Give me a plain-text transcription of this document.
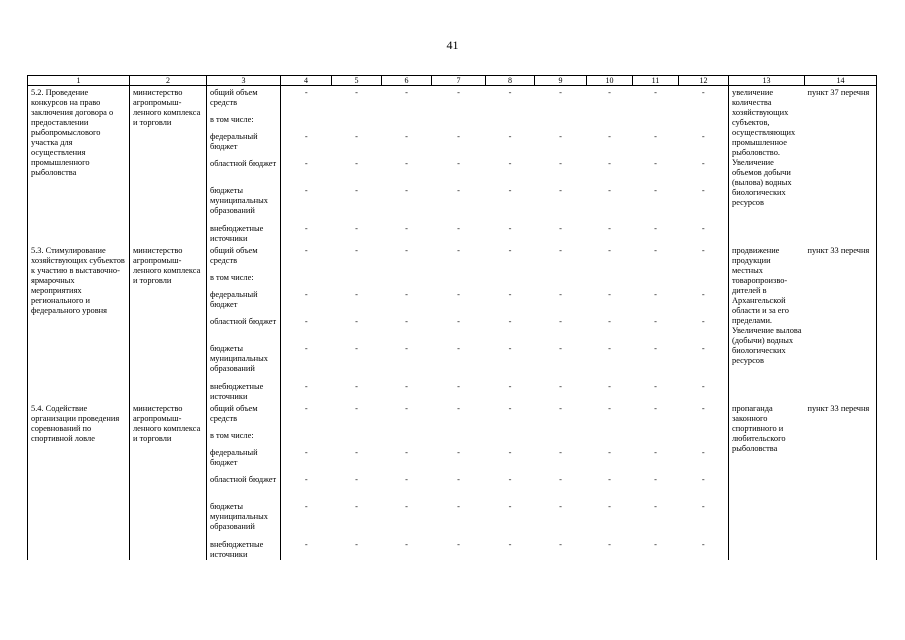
41
1	2	3	4	5	6	7	8	9	10	11	12	13	14
5.2. Проведение конкурсов на право заключения договора о предоставлении рыбопромыслового участка для осуществления промышленного рыболовства	министерство агропромыш-ленного комплекса и торговли	общий объем средств	-	-	-	-	-	-	-	-	-	увеличение количества хозяйствующих субъектов, осуществляющих промышленное рыболовство. Увеличение объемов добычи (вылова) водных биологических ресурсов	пункт 37 перечня
		в том числе:											
		федеральный бюджет	-	-	-	-	-	-	-	-	-		
		областной бюджет	-	-	-	-	-	-	-	-	-		
		бюджеты муниципальных образований	-	-	-	-	-	-	-	-	-		
		внебюджетные источники	-	-	-	-	-	-	-	-	-		
5.3. Стимулирование хозяйствующих субъектов к участию в выставочно-ярмарочных мероприятиях регионального и федерального уровня	министерство агропромыш-ленного комплекса и торговли	общий объем средств	-	-	-	-	-	-	-	-	-	продвижение продукции местных товаропроизво-дителей в Архангельской области и за его пределами. Увеличение вылова (добычи) водных биологических ресурсов	пункт 33 перечня
		в том числе:											
		федеральный бюджет	-	-	-	-	-	-	-	-	-		
		областной бюджет	-	-	-	-	-	-	-	-	-		
		бюджеты муниципальных образований	-	-	-	-	-	-	-	-	-		
		внебюджетные источники	-	-	-	-	-	-	-	-	-		
5.4. Содействие организации проведения соревнований по спортивной ловле	министерство агропромыш-ленного комплекса и торговли	общий объем средств	-	-	-	-	-	-	-	-	-	пропаганда законного спортивного и любительского рыболовства	пункт 33 перечня
		в том числе:											
		федеральный бюджет	-	-	-	-	-	-	-	-	-		
		областной бюджет	-	-	-	-	-	-	-	-	-		
		бюджеты муниципальных образований	-	-	-	-	-	-	-	-	-		
		внебюджетные источники	-	-	-	-	-	-	-	-	-		
